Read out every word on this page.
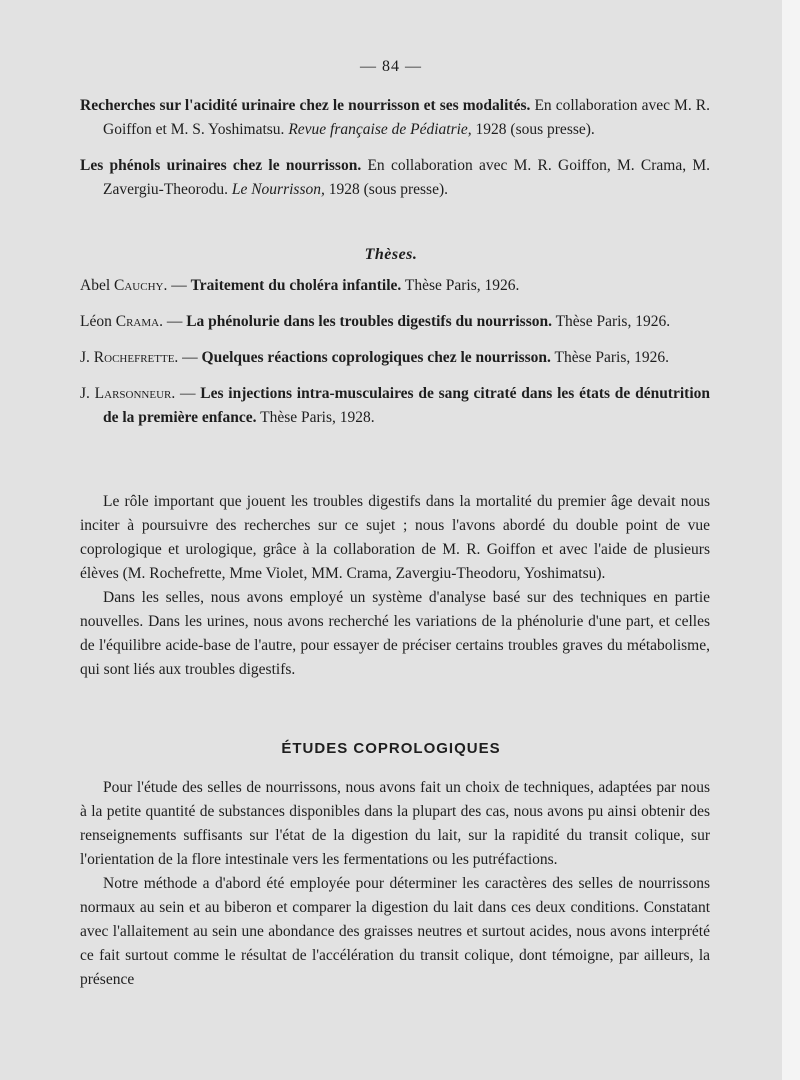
— 84 —
Recherches sur l'acidité urinaire chez le nourrisson et ses modalités. En collaboration avec M. R. Goiffon et M. S. Yoshimatsu. Revue française de Pédiatrie, 1928 (sous presse).
Les phénols urinaires chez le nourrisson. En collaboration avec M. R. Goiffon, M. Crama, M. Zavergiu-Theorodu. Le Nourrisson, 1928 (sous presse).
Thèses.
Abel Cauchy. — Traitement du choléra infantile. Thèse Paris, 1926.
Léon Crama. — La phénolurie dans les troubles digestifs du nourrisson. Thèse Paris, 1926.
J. Rochefrette. — Quelques réactions coprologiques chez le nourrisson. Thèse Paris, 1926.
J. Larsonneur. — Les injections intra-musculaires de sang citraté dans les états de dénutrition de la première enfance. Thèse Paris, 1928.

Le rôle important que jouent les troubles digestifs dans la mortalité du premier âge devait nous inciter à poursuivre des recherches sur ce sujet ; nous l'avons abordé du double point de vue coprologique et urologique, grâce à la collaboration de M. R. Goiffon et avec l'aide de plusieurs élèves (M. Rochefrette, Mme Violet, MM. Crama, Zavergiu-Theodoru, Yoshimatsu).

Dans les selles, nous avons employé un système d'analyse basé sur des techniques en partie nouvelles. Dans les urines, nous avons recherché les variations de la phénolurie d'une part, et celles de l'équilibre acide-base de l'autre, pour essayer de préciser certains troubles graves du métabolisme, qui sont liés aux troubles digestifs.

ÉTUDES COPROLOGIQUES

Pour l'étude des selles de nourrissons, nous avons fait un choix de techniques, adaptées par nous à la petite quantité de substances disponibles dans la plupart des cas, nous avons pu ainsi obtenir des renseignements suffisants sur l'état de la digestion du lait, sur la rapidité du transit colique, sur l'orientation de la flore intestinale vers les fermentations ou les putréfactions.

Notre méthode a d'abord été employée pour déterminer les caractères des selles de nourrissons normaux au sein et au biberon et comparer la digestion du lait dans ces deux conditions. Constatant avec l'allaitement au sein une abondance des graisses neutres et surtout acides, nous avons interprété ce fait surtout comme le résultat de l'accélération du transit colique, dont témoigne, par ailleurs, la présence
